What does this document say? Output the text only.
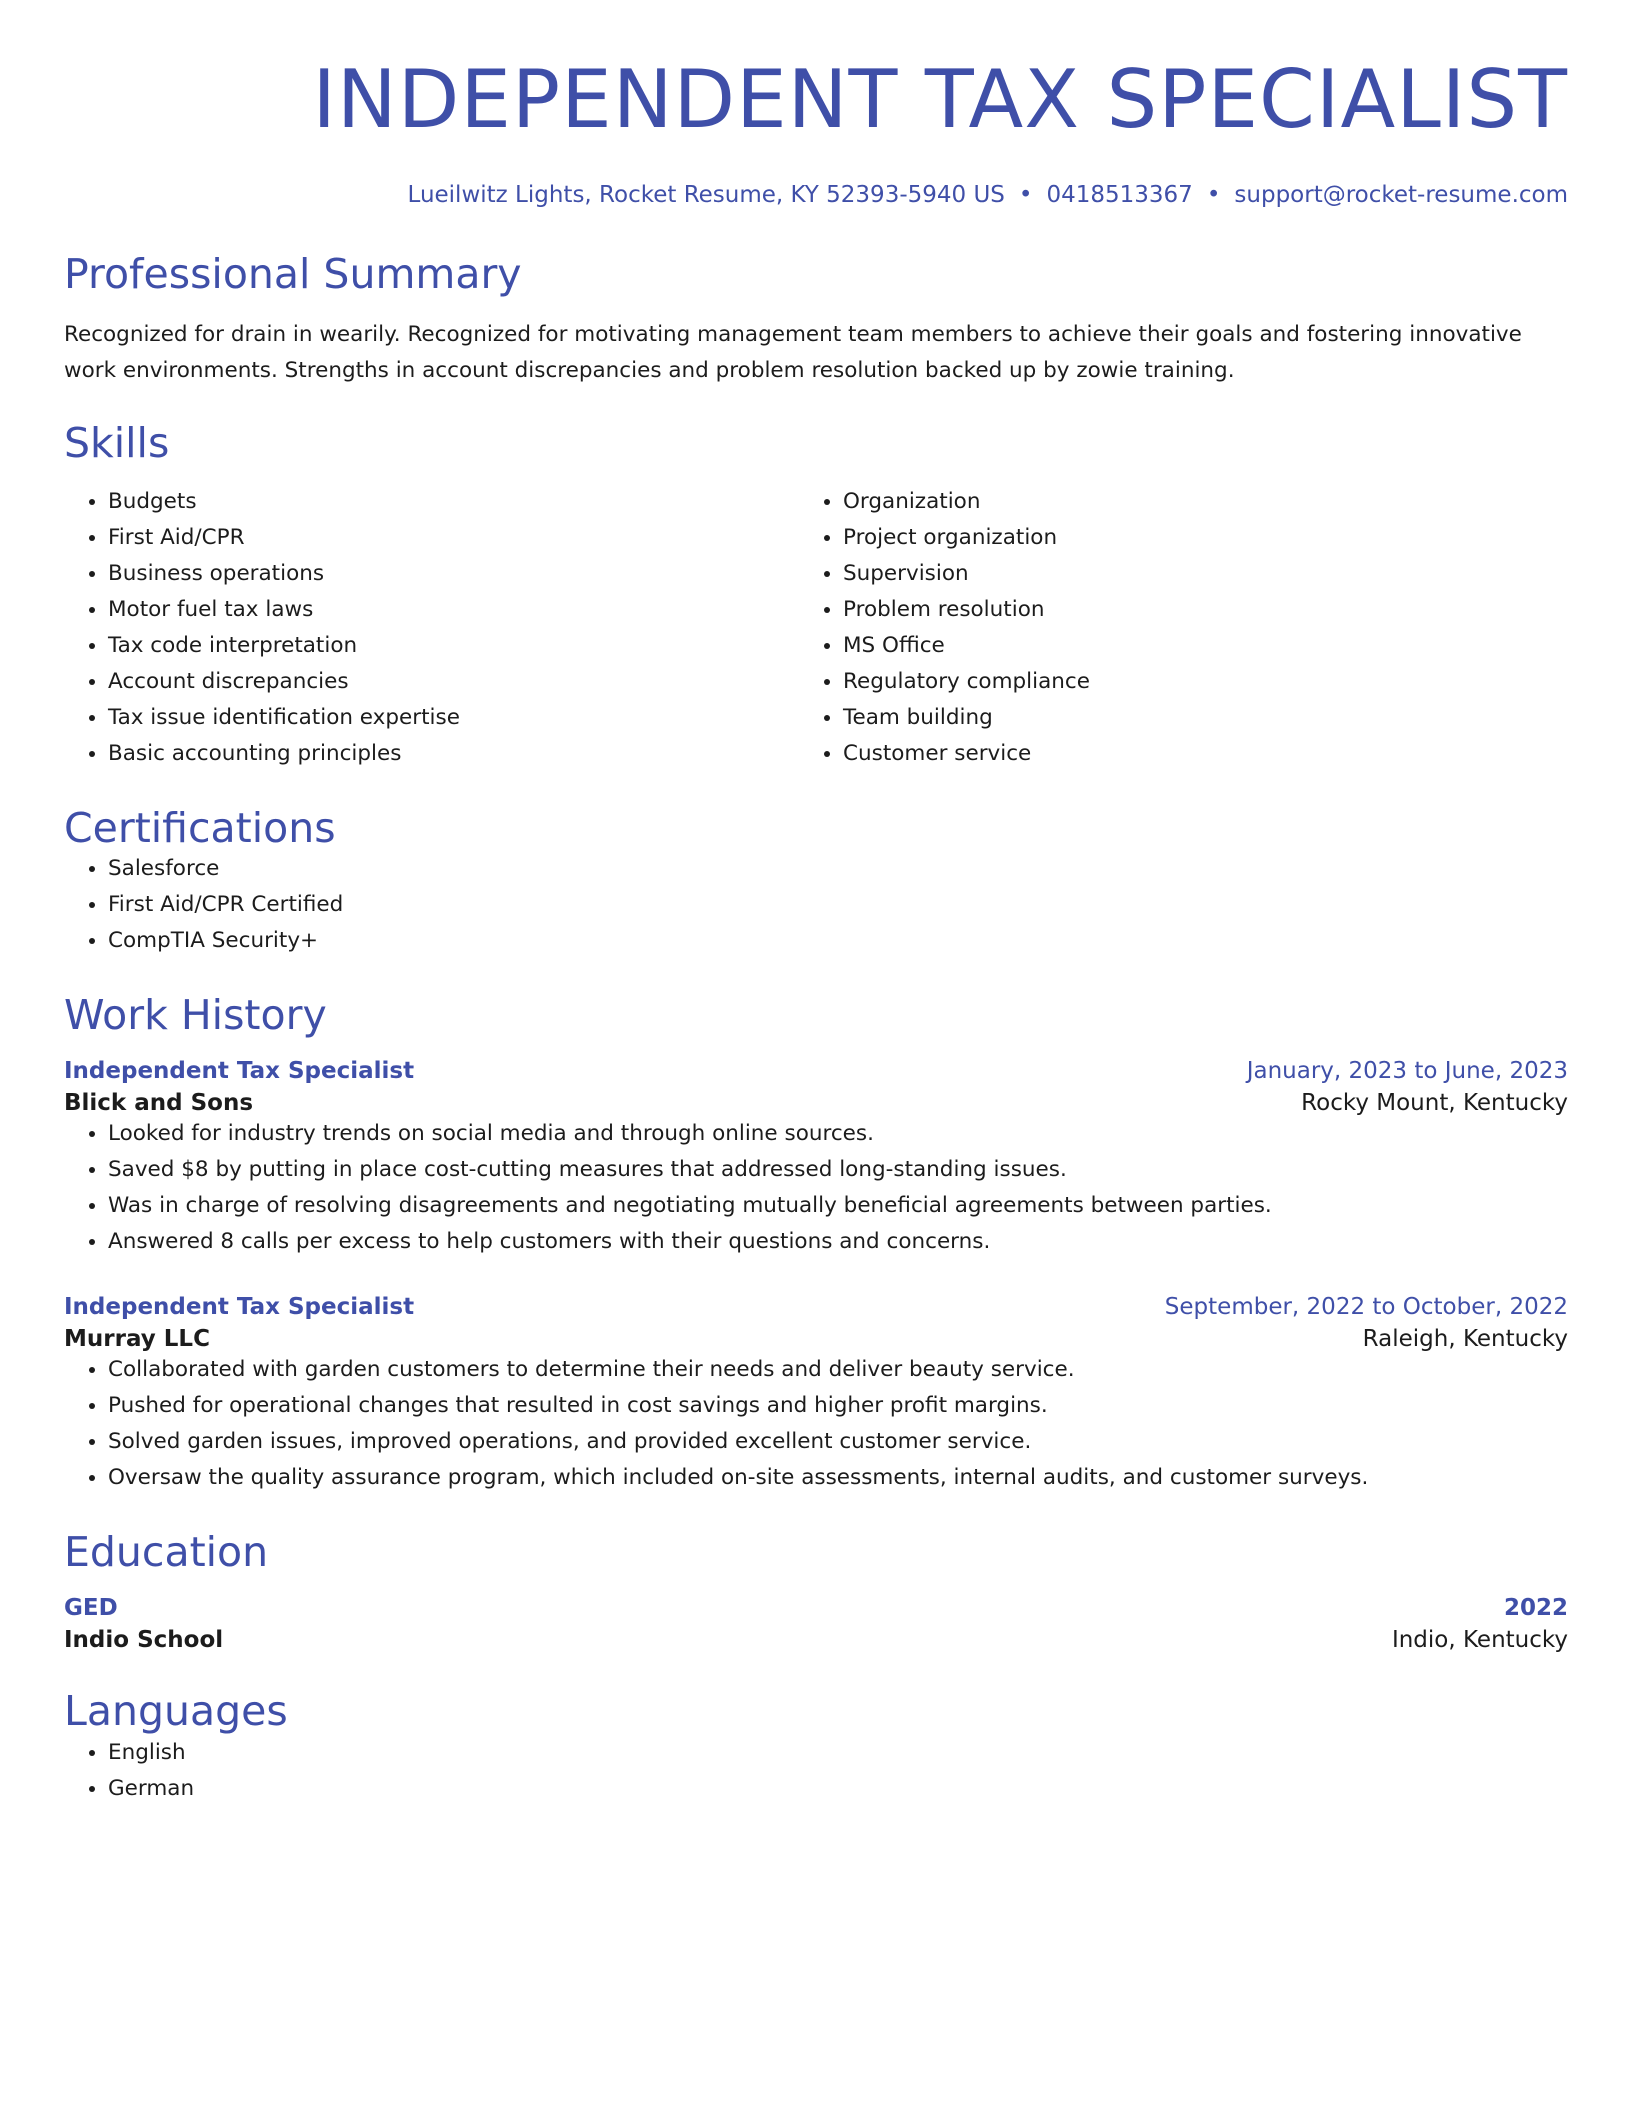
INDEPENDENT TAX SPECIALIST
Lueilwitz Lights, Rocket Resume, KY 52393-5940 US • 0418513367 • support@rocket-resume.com
Professional Summary

Recognized for drain in wearily. Recognized for motivating management team members to achieve their goals and fostering innovative work environments. Strengths in account discrepancies and problem resolution backed up by zowie training.

Skills
• Budgets
• First Aid/CPR
• Business operations
• Motor fuel tax laws
• Tax code interpretation
• Account discrepancies
• Tax issue identification expertise
• Basic accounting principles
• Organization
• Project organization
• Supervision
• Problem resolution
• MS Office
• Regulatory compliance
• Team building
• Customer service
Certifications
• Salesforce
• First Aid/CPR Certified
• CompTIA Security+
Work History
Independent Tax Specialist	January, 2023 to June, 2023
Blick and Sons	Rocky Mount, Kentucky
• Looked for industry trends on social media and through online sources.
• Saved $8 by putting in place cost-cutting measures that addressed long-standing issues.
• Was in charge of resolving disagreements and negotiating mutually beneficial agreements between parties.
• Answered 8 calls per excess to help customers with their questions and concerns.
Independent Tax Specialist	September, 2022 to October, 2022
Murray LLC	Raleigh, Kentucky
• Collaborated with garden customers to determine their needs and deliver beauty service.
• Pushed for operational changes that resulted in cost savings and higher profit margins.
• Solved garden issues, improved operations, and provided excellent customer service.
• Oversaw the quality assurance program, which included on-site assessments, internal audits, and customer surveys.
Education
GED	2022
Indio School	Indio, Kentucky
Languages
• English
• German
